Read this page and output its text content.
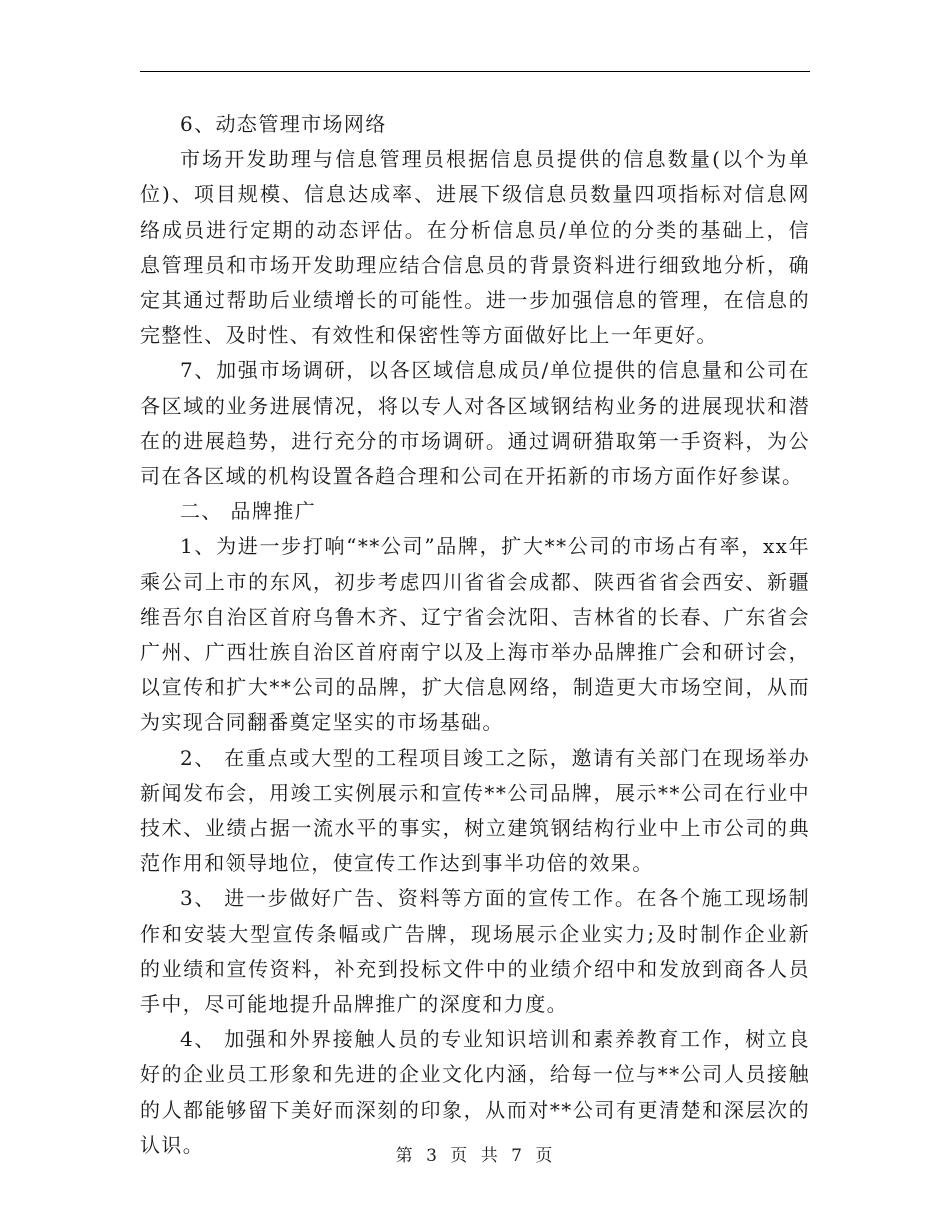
6、动态管理市场网络

市场开发助理与信息管理员根据信息员提供的信息数量(以个为单位)、项目规模、信息达成率、进展下级信息员数量四项指标对信息网络成员进行定期的动态评估。在分析信息员/单位的分类的基础上，信息管理员和市场开发助理应结合信息员的背景资料进行细致地分析，确定其通过帮助后业绩增长的可能性。进一步加强信息的管理，在信息的完整性、及时性、有效性和保密性等方面做好比上一年更好。

7、加强市场调研，以各区域信息成员/单位提供的信息量和公司在各区域的业务进展情况，将以专人对各区域钢结构业务的进展现状和潜在的进展趋势，进行充分的市场调研。通过调研猎取第一手资料，为公司在各区域的机构设置各趋合理和公司在开拓新的市场方面作好参谋。

二、 品牌推广

1、为进一步打响“**公司”品牌，扩大**公司的市场占有率，xx年乘公司上市的东风，初步考虑四川省省会成都、陕西省省会西安、新疆维吾尔自治区首府乌鲁木齐、辽宁省会沈阳、吉林省的长春、广东省会广州、广西壮族自治区首府南宁以及上海市举办品牌推广会和研讨会，以宣传和扩大**公司的品牌，扩大信息网络，制造更大市场空间，从而为实现合同翻番奠定坚实的市场基础。

2、 在重点或大型的工程项目竣工之际，邀请有关部门在现场举办新闻发布会，用竣工实例展示和宣传**公司品牌，展示**公司在行业中技术、业绩占据一流水平的事实，树立建筑钢结构行业中上市公司的典范作用和领导地位，使宣传工作达到事半功倍的效果。

3、 进一步做好广告、资料等方面的宣传工作。在各个施工现场制作和安装大型宣传条幅或广告牌，现场展示企业实力;及时制作企业新的业绩和宣传资料，补充到投标文件中的业绩介绍中和发放到商各人员手中，尽可能地提升品牌推广的深度和力度。

4、 加强和外界接触人员的专业知识培训和素养教育工作，树立良好的企业员工形象和先进的企业文化内涵，给每一位与**公司人员接触的人都能够留下美好而深刻的印象，从而对**公司有更清楚和深层次的认识。	第 3 页 共 7 页
